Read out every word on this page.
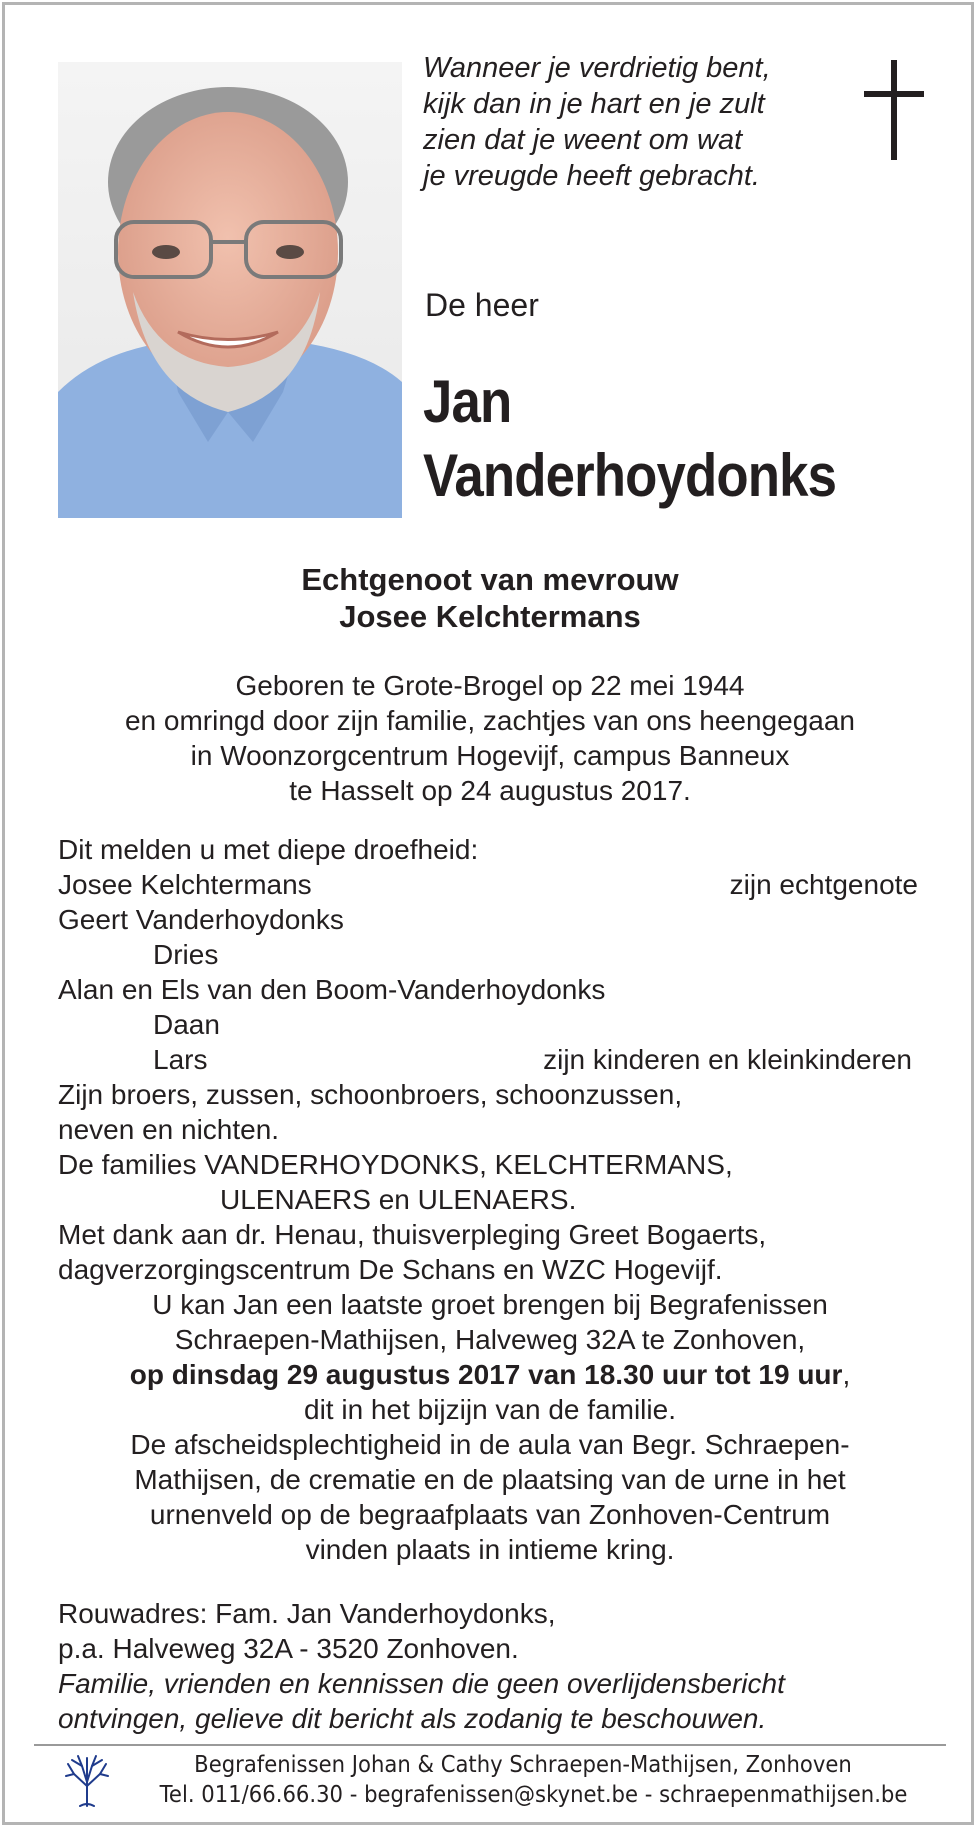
Wanneer je verdrietig bent,
kijk dan in je hart en je zult
zien dat je weent om wat
je vreugde heeft gebracht.
De heer
Jan
Vanderhoydonks
Echtgenoot van mevrouw
Josee Kelchtermans
Geboren te Grote-Brogel op 22 mei 1944
en omringd door zijn familie, zachtjes van ons heengegaan
in Woonzorgcentrum Hogevijf, campus Banneux
te Hasselt op 24 augustus 2017.
Dit melden u met diepe droefheid:
Josee Kelchtermans	zijn echtgenote
Geert Vanderhoydonks
Dries
Alan en Els van den Boom-Vanderhoydonks
Daan
Lars	zijn kinderen en kleinkinderen
Zijn broers, zussen, schoonbroers, schoonzussen,
neven en nichten.
De families VANDERHOYDONKS, KELCHTERMANS,
ULENAERS en ULENAERS.
Met dank aan dr. Henau, thuisverpleging Greet Bogaerts,
dagverzorgingscentrum De Schans en WZC Hogevijf.
U kan Jan een laatste groet brengen bij Begrafenissen
Schraepen-Mathijsen, Halveweg 32A te Zonhoven,
op dinsdag 29 augustus 2017 van 18.30 uur tot 19 uur,
dit in het bijzijn van de familie.
De afscheidsplechtigheid in de aula van Begr. Schraepen-
Mathijsen, de crematie en de plaatsing van de urne in het
urnenveld op de begraafplaats van Zonhoven-Centrum
vinden plaats in intieme kring.
Rouwadres: Fam. Jan Vanderhoydonks,
p.a. Halveweg 32A - 3520 Zonhoven.
Familie, vrienden en kennissen die geen overlijdensbericht
ontvingen, gelieve dit bericht als zodanig te beschouwen.
Begrafenissen Johan & Cathy Schraepen-Mathijsen, Zonhoven
Tel. 011/66.66.30 - begrafenissen@skynet.be - schraepenmathijsen.be
